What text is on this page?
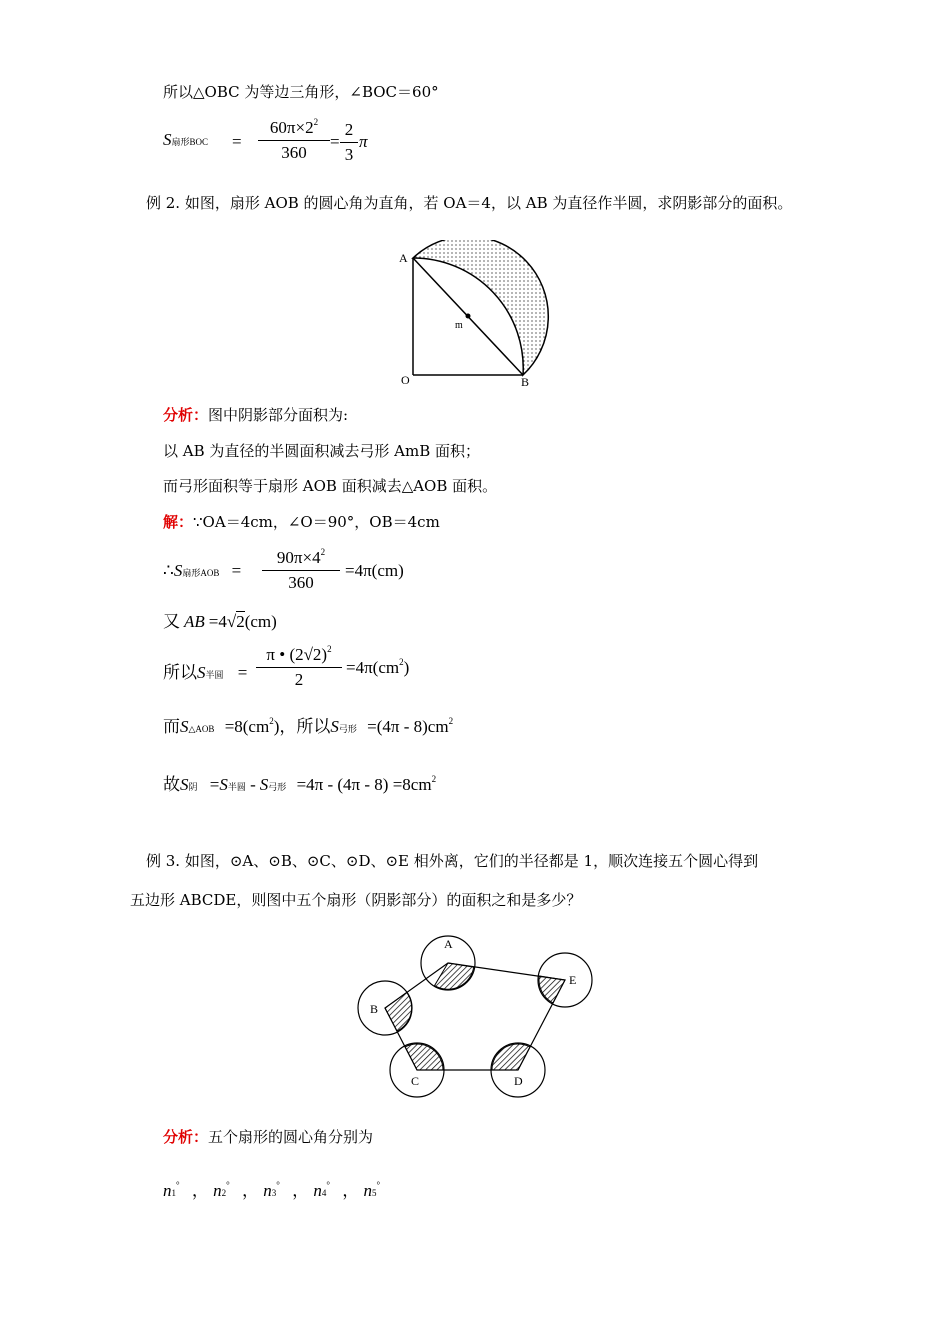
所以△OBC 为等边三角形，∠BOC＝60°
S扇形BOC = $\frac{60\pi\times 2^2}{360} = \frac{2}{3}$ π
例 2. 如图，扇形 AOB 的圆心角为直角，若 OA＝4，以 AB 为直径作半圆，求阴影部分的面积。
A
O	B
m
分析：图中阴影部分面积为:
以 AB 为直径的半圆面积减去弓形 AmB 面积；
而弓形面积等于扇形 AOB 面积减去△AOB 面积。
解：∵OA＝4cm，∠O＝90°，OB＝4cm
∴S扇形AOB = $\frac{90\pi\times 4^2}{360} =4\pi(cm)$
又 AB =4√2(cm)
所以S半圆 = $\frac{\pi • (2√2)^2}{2} =4\pi(cm^2)$
而S△AOB $=8(cm^2)$，所以S弓形 $=(4\pi - 8)cm^2$
故S阴 =S半圆 - S弓形 $=4\pi - (4\pi - 8) =8cm^2$
例 3. 如图，⊙A、⊙B、⊙C、⊙D、⊙E 相外离，它们的半径都是 1，顺次连接五个圆心得到
五边形 ABCDE，则图中五个扇形（阴影部分）的面积之和是多少？
A
B
C	D
E
分析：五个扇形的圆心角分别为
n1° ， n2° ， n3° ， n4° ， n5°
